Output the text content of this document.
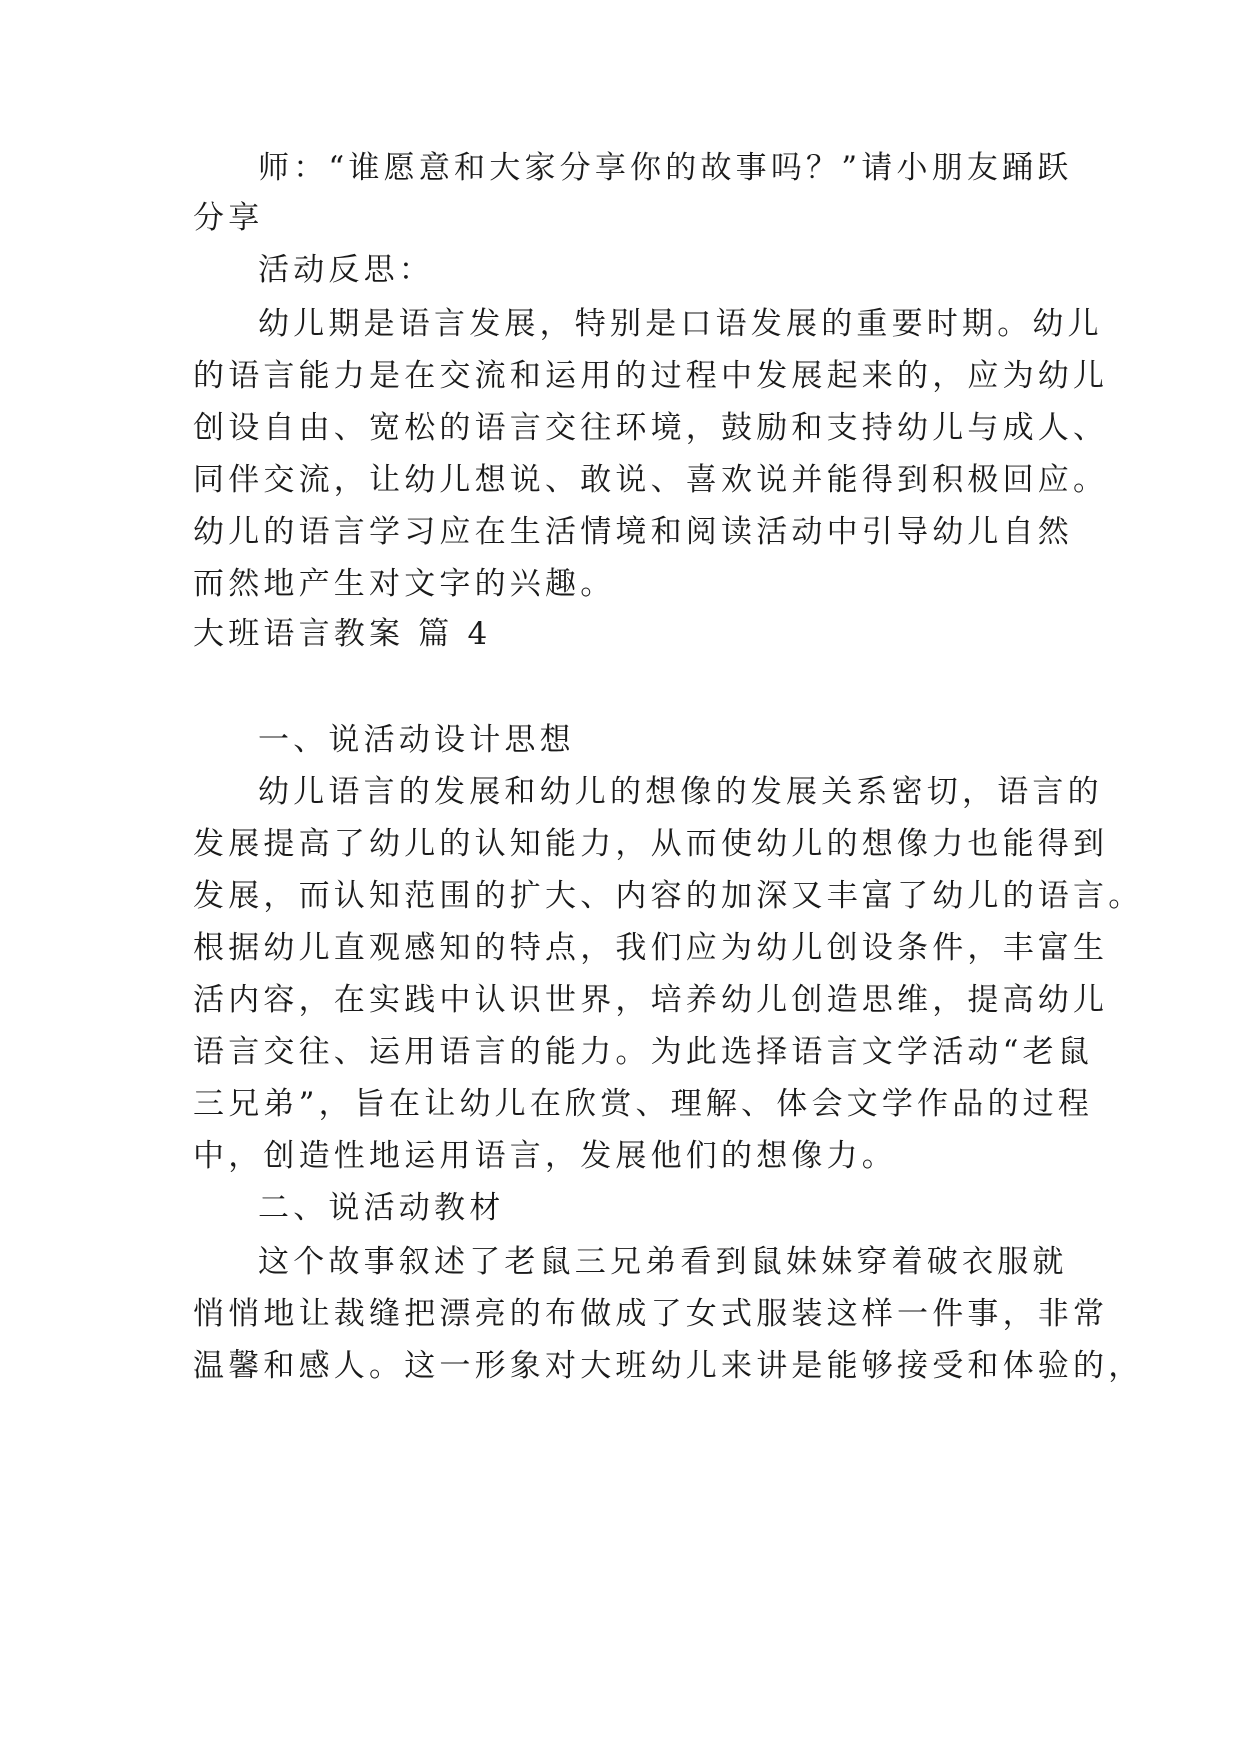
师：“谁愿意和大家分享你的故事吗？”请小朋友踊跃
分享
活动反思：
幼儿期是语言发展，特别是口语发展的重要时期。幼儿
的语言能力是在交流和运用的过程中发展起来的，应为幼儿
创设自由、宽松的语言交往环境，鼓励和支持幼儿与成人、
同伴交流，让幼儿想说、敢说、喜欢说并能得到积极回应。
幼儿的语言学习应在生活情境和阅读活动中引导幼儿自然
而然地产生对文字的兴趣。
大班语言教案 篇 4
一、说活动设计思想
幼儿语言的发展和幼儿的想像的发展关系密切，语言的
发展提高了幼儿的认知能力，从而使幼儿的想像力也能得到
发展，而认知范围的扩大、内容的加深又丰富了幼儿的语言。
根据幼儿直观感知的特点，我们应为幼儿创设条件，丰富生
活内容，在实践中认识世界，培养幼儿创造思维，提高幼儿
语言交往、运用语言的能力。为此选择语言文学活动“老鼠
三兄弟”，旨在让幼儿在欣赏、理解、体会文学作品的过程
中，创造性地运用语言，发展他们的想像力。
二、说活动教材
这个故事叙述了老鼠三兄弟看到鼠妹妹穿着破衣服就
悄悄地让裁缝把漂亮的布做成了女式服装这样一件事，非常
温馨和感人。这一形象对大班幼儿来讲是能够接受和体验的，
